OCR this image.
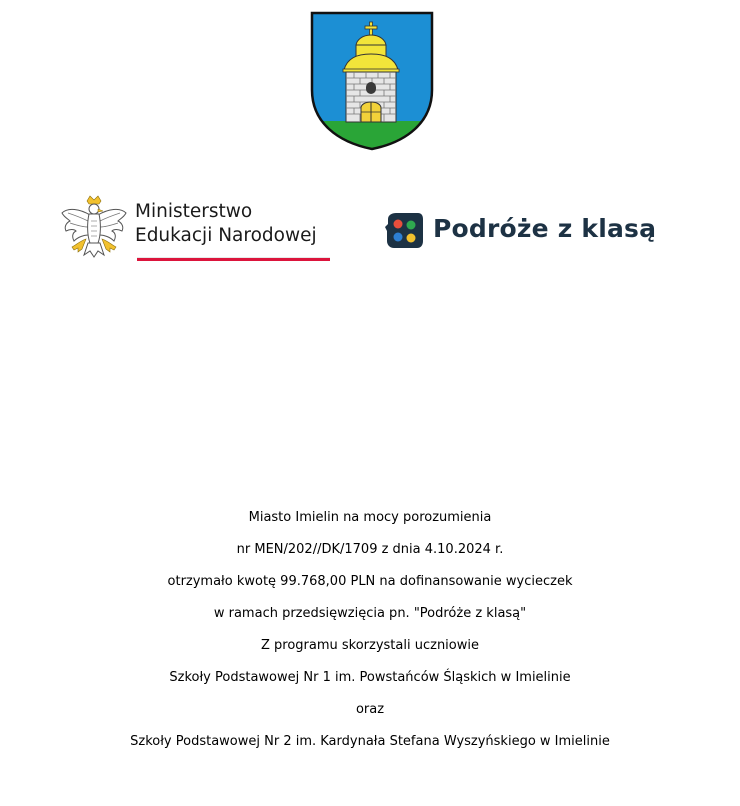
Ministerstwo
Edukacji Narodowej	Podróże z klasą

Miasto Imielin na mocy porozumienia

nr MEN/202//DK/1709 z dnia 4.10.2024 r.

otrzymało kwotę 99.768,00 PLN na dofinansowanie wycieczek

w ramach przedsięwzięcia pn. "Podróże z klasą"

Z programu skorzystali uczniowie

Szkoły Podstawowej Nr 1 im. Powstańców Śląskich w Imielinie

oraz

Szkoły Podstawowej Nr 2 im. Kardynała Stefana Wyszyńskiego w Imielinie
